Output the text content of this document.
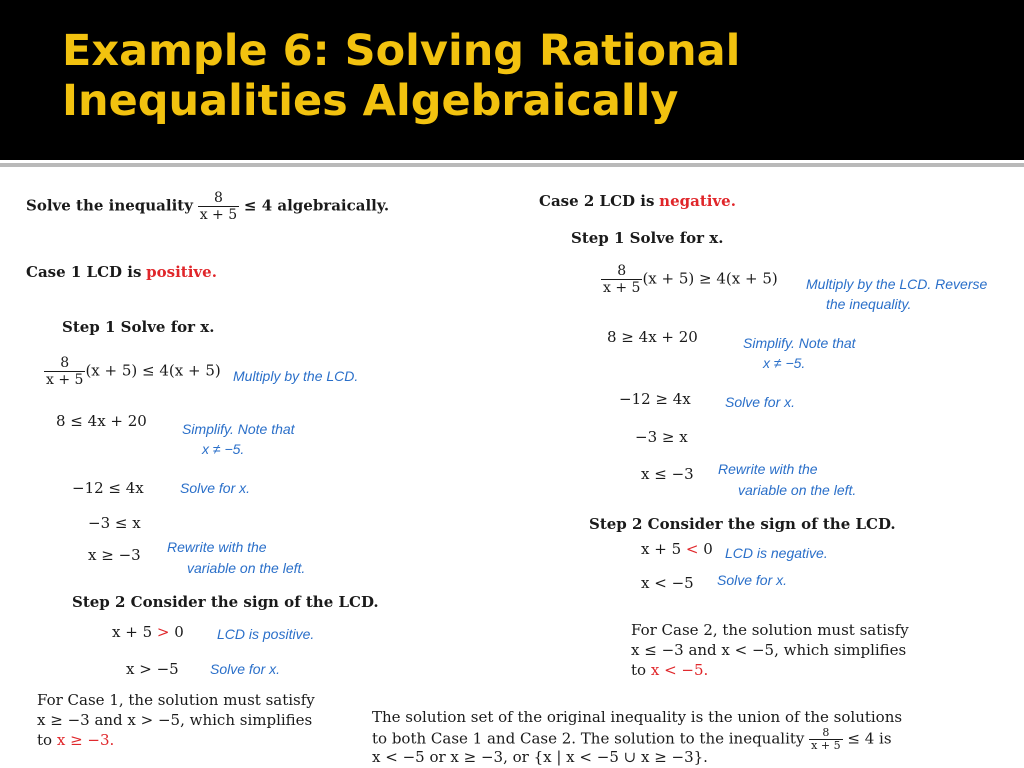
Example 6: Solving Rational
Inequalities Algebraically
Solve the inequality $\frac{8}{x + 5} \le 4$ algebraically.
Case 1 LCD is positive.
Step 1 Solve for x.
$\frac{8}{x + 5} (x + 5) \le 4(x + 5)$ Multiply by the LCD.
8 ≤ 4x + 20	Simplify. Note that
x ≠ −5.
−12 ≤ 4x	Solve for x.
−3 ≤ x
x ≥ −3 Rewrite with the
variable on the left.
Step 2 Consider the sign of the LCD.
x + 5 > 0 LCD is positive.
x > −5 Solve for x.
For Case 1, the solution must satisfy
x ≥ −3 and x > −5, which simplifies
to x ≥ −3.
Case 2 LCD is negative.
Step 1 Solve for x.
$\frac{8}{x + 5} (x + 5) \ge 4(x + 5)$ Multiply by the LCD. Reverse
the inequality.
8 ≥ 4x + 20	Simplify. Note that
x ≠ −5.
−12 ≥ 4x Solve for x.
−3 ≥ x
x ≤ −3 Rewrite with the
variable on the left.
Step 2 Consider the sign of the LCD.
x + 5 < 0 LCD is negative.
x < −5 Solve for x.
For Case 2, the solution must satisfy
x ≤ −3 and x < −5, which simplifies
to x < −5.
The solution set of the original inequality is the union of the solutions
to both Case 1 and Case 2. The solution to the inequality $\frac{8}{x + 5} \le 4$ is
x < −5 or x ≥ −3, or {x | x < −5 ∪ x ≥ −3}.
